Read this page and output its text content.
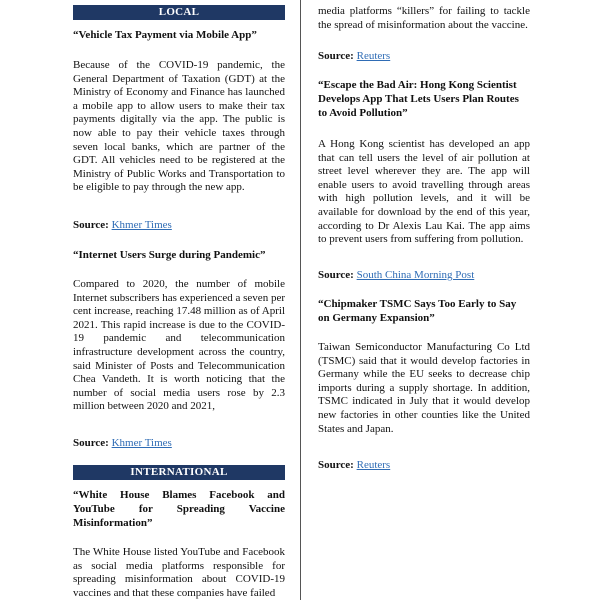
LOCAL

“Vehicle Tax Payment via Mobile App”

Because of the COVID-19 pandemic, the General Department of Taxation (GDT) at the Ministry of Economy and Finance has launched a mobile app to allow users to make their tax payments digitally via the app. The public is now able to pay their vehicle taxes through seven local banks, which are partner of the GDT. All vehicles need to be registered at the Ministry of Public Works and Transportation to be eligible to pay through the new app.

Source: Khmer Times

“Internet Users Surge during Pandemic”

Compared to 2020, the number of mobile Internet subscribers has experienced a seven per cent increase, reaching 17.48 million as of April 2021. This rapid increase is due to the COVID-19 pandemic and telecommunication infrastructure development across the country, said Minister of Posts and Telecommunication Chea Vandeth. It is worth noticing that the number of social media users rose by 2.3 million between 2020 and 2021,

Source: Khmer Times

INTERNATIONAL

“White House Blames Facebook and YouTube for Spreading Vaccine Misinformation”

The White House listed YouTube and Facebook as social media platforms responsible for spreading misinformation about COVID-19 vaccines and that these companies have failed

media platforms “killers” for failing to tackle the spread of misinformation about the vaccine.

Source: Reuters

“Escape the Bad Air: Hong Kong Scientist Develops App That Lets Users Plan Routes to Avoid Pollution”

A Hong Kong scientist has developed an app that can tell users the level of air pollution at street level wherever they are. The app will enable users to avoid travelling through areas with high pollution levels, and it will be available for download by the end of this year, according to Dr Alexis Lau Kai. The app aims to prevent users from suffering from pollution.

Source: South China Morning Post

“Chipmaker TSMC Says Too Early to Say on Germany Expansion”

Taiwan Semiconductor Manufacturing Co Ltd (TSMC) said that it would develop factories in Germany while the EU seeks to decrease chip imports during a supply shortage. In addition, TSMC indicated in July that it would develop new factories in other counties like the United States and Japan.

Source: Reuters
